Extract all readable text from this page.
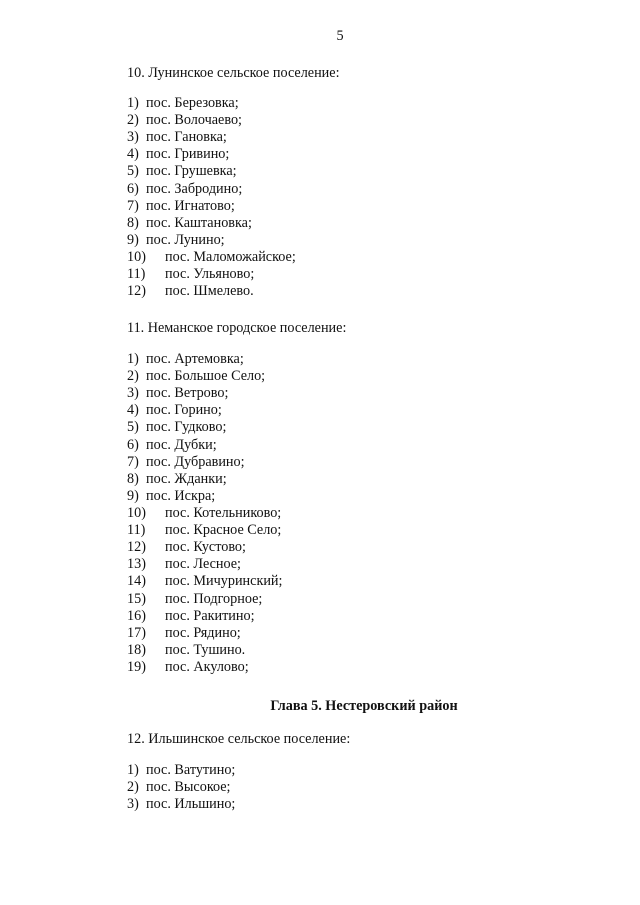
5
10. Лунинское сельское поселение:
1) пос. Березовка;
2) пос. Волочаево;
3) пос. Гановка;
4) пос. Гривино;
5) пос. Грушевка;
6) пос. Забродино;
7) пос. Игнатово;
8) пос. Каштановка;
9) пос. Лунино;
10) пос. Маломожайское;
11) пос. Ульяново;
12) пос. Шмелево.
11. Неманское городское поселение:
1) пос. Артемовка;
2) пос. Большое Село;
3) пос. Ветрово;
4) пос. Горино;
5) пос. Гудково;
6) пос. Дубки;
7) пос. Дубравино;
8) пос. Жданки;
9) пос. Искра;
10) пос. Котельниково;
11) пос. Красное Село;
12) пос. Кустово;
13) пос. Лесное;
14) пос. Мичуринский;
15) пос. Подгорное;
16) пос. Ракитино;
17) пос. Рядино;
18) пос. Тушино.
19) пос. Акулово;
Глава 5. Нестеровский район
12. Ильшинское сельское поселение:
1) пос. Ватутино;
2) пос. Высокое;
3) пос. Ильшино;
